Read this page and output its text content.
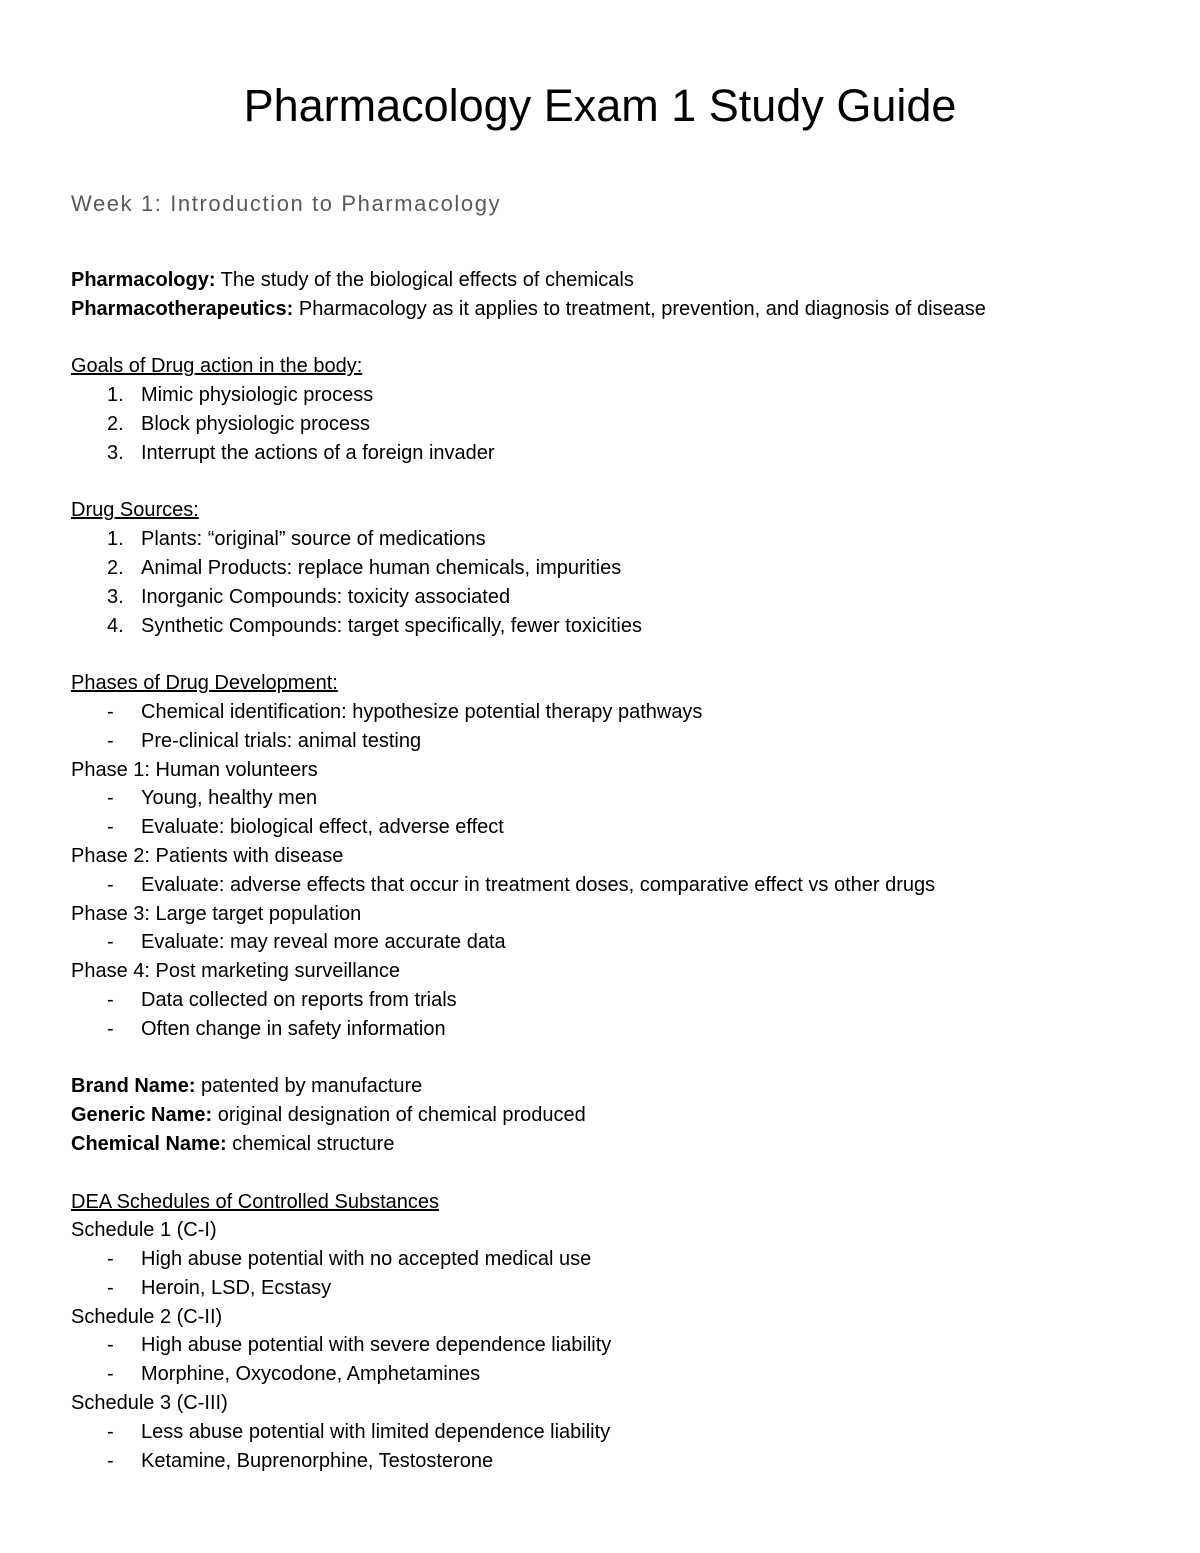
Pharmacology Exam 1 Study Guide
Week 1: Introduction to Pharmacology
Pharmacology: The study of the biological effects of chemicals
Pharmacotherapeutics: Pharmacology as it applies to treatment, prevention, and diagnosis of disease
Goals of Drug action in the body:
1. Mimic physiologic process
2. Block physiologic process
3. Interrupt the actions of a foreign invader
Drug Sources:
1. Plants: “original” source of medications
2. Animal Products: replace human chemicals, impurities
3. Inorganic Compounds: toxicity associated
4. Synthetic Compounds: target specifically, fewer toxicities
Phases of Drug Development:
- Chemical identification: hypothesize potential therapy pathways
- Pre-clinical trials: animal testing
Phase 1: Human volunteers
- Young, healthy men
- Evaluate: biological effect, adverse effect
Phase 2: Patients with disease
- Evaluate: adverse effects that occur in treatment doses, comparative effect vs other drugs
Phase 3: Large target population
- Evaluate: may reveal more accurate data
Phase 4: Post marketing surveillance
- Data collected on reports from trials
- Often change in safety information
Brand Name: patented by manufacture
Generic Name: original designation of chemical produced
Chemical Name: chemical structure
DEA Schedules of Controlled Substances
Schedule 1 (C-I)
- High abuse potential with no accepted medical use
- Heroin, LSD, Ecstasy
Schedule 2 (C-II)
- High abuse potential with severe dependence liability
- Morphine, Oxycodone, Amphetamines
Schedule 3 (C-III)
- Less abuse potential with limited dependence liability
- Ketamine, Buprenorphine, Testosterone
